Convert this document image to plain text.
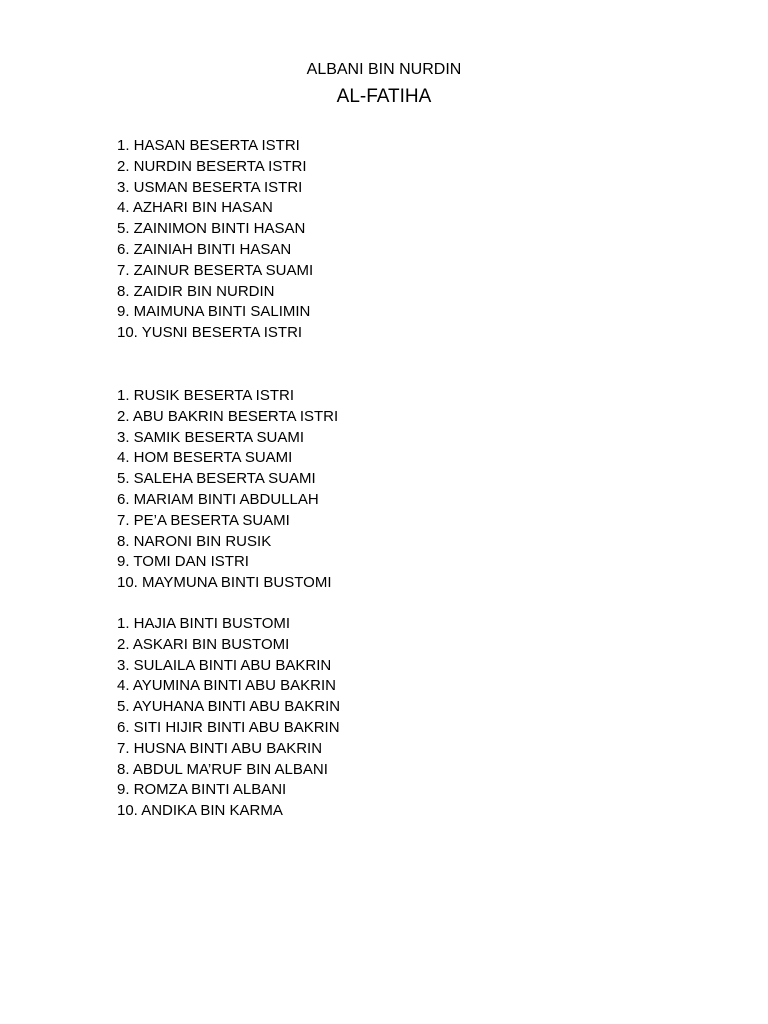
ALBANI BIN NURDIN
AL-FATIHA
1. HASAN BESERTA ISTRI
2. NURDIN BESERTA ISTRI
3. USMAN BESERTA ISTRI
4. AZHARI BIN HASAN
5. ZAINIMON BINTI HASAN
6. ZAINIAH BINTI HASAN
7. ZAINUR BESERTA SUAMI
8. ZAIDIR BIN NURDIN
9. MAIMUNA BINTI SALIMIN
10. YUSNI BESERTA ISTRI
1. RUSIK BESERTA ISTRI
2. ABU BAKRIN BESERTA ISTRI
3. SAMIK BESERTA SUAMI
4. HOM BESERTA SUAMI
5. SALEHA BESERTA SUAMI
6. MARIAM BINTI ABDULLAH
7. PE’A BESERTA SUAMI
8. NARONI BIN RUSIK
9. TOMI DAN ISTRI
10. MAYMUNA BINTI BUSTOMI
1. HAJIA BINTI BUSTOMI
2. ASKARI BIN BUSTOMI
3. SULAILA BINTI ABU BAKRIN
4. AYUMINA BINTI ABU BAKRIN
5. AYUHANA BINTI ABU BAKRIN
6. SITI HIJIR BINTI ABU BAKRIN
7. HUSNA BINTI ABU BAKRIN
8. ABDUL MA’RUF BIN ALBANI
9. ROMZA BINTI ALBANI
10. ANDIKA BIN KARMA
